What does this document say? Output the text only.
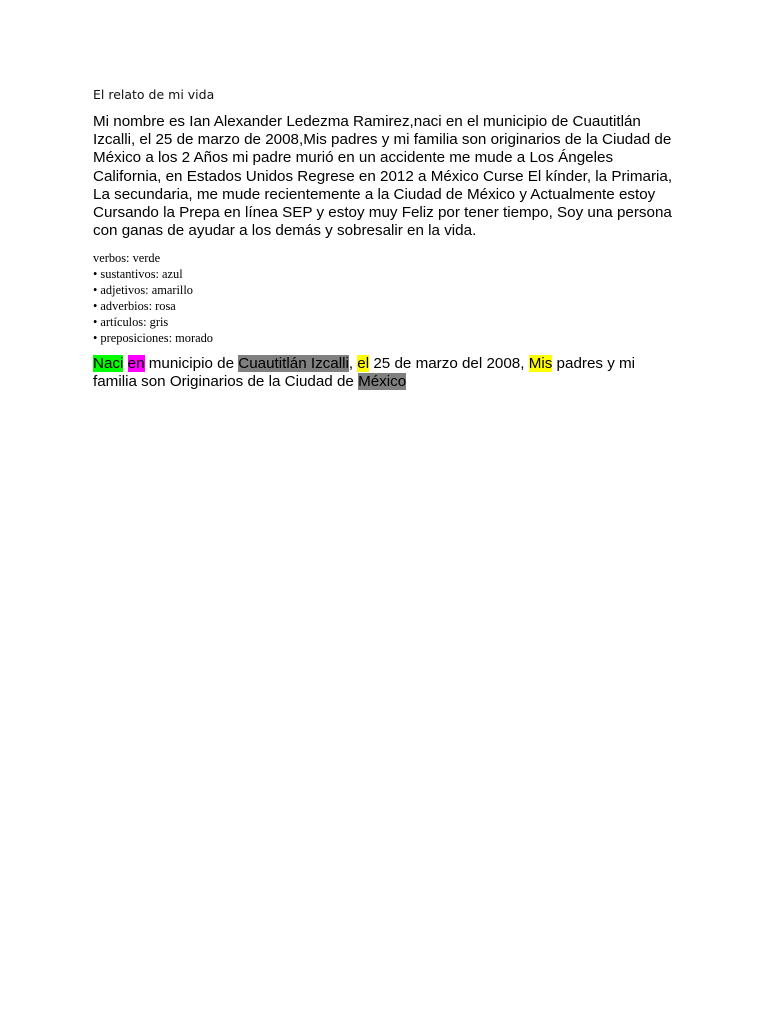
El relato de mi vida

Mi nombre es Ian Alexander Ledezma Ramirez,naci en el municipio de Cuautitlán Izcalli, el 25 de marzo de 2008,Mis padres y mi familia son originarios de la Ciudad de México a los 2 Años mi padre murió en un accidente me mude a Los Ángeles California, en Estados Unidos Regrese en 2012 a México Curse El kínder, la Primaria, La secundaria, me mude recientemente a la Ciudad de México y Actualmente estoy Cursando la Prepa en línea SEP y estoy muy Feliz por tener tiempo, Soy una persona con ganas de ayudar a los demás y sobresalir en la vida.

verbos: verde
• sustantivos: azul
• adjetivos: amarillo
• adverbios: rosa
• artículos: gris
• preposiciones: morado

Naci en municipio de Cuautitlán Izcalli, el 25 de marzo del 2008, Mis padres y mi familia son Originarios de la Ciudad de México
